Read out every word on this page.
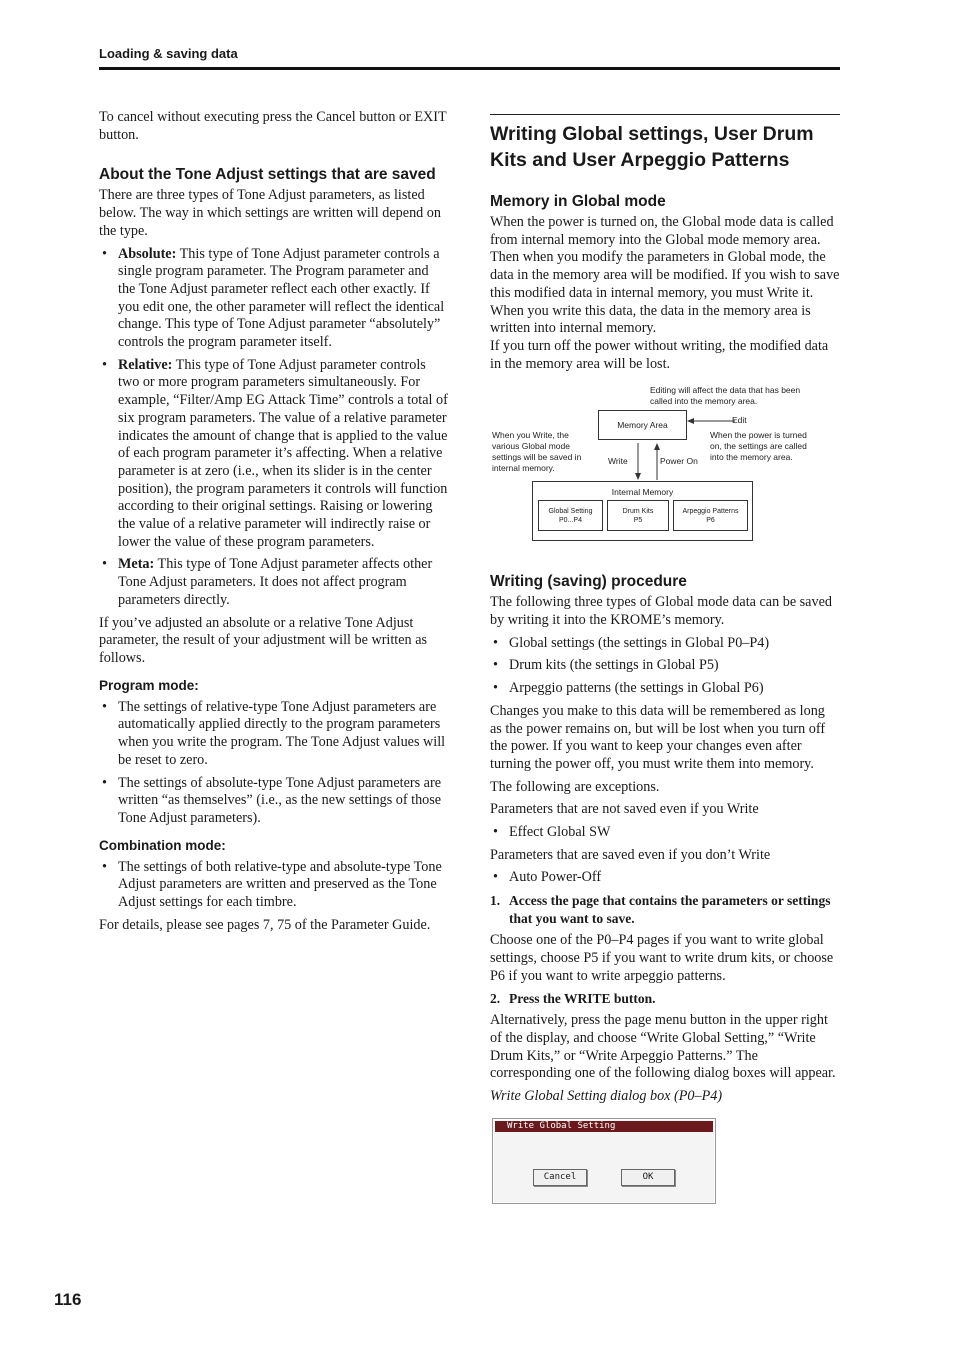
Loading & saving data

To cancel without executing press the Cancel button or EXIT button.

About the Tone Adjust settings that are saved

There are three types of Tone Adjust parameters, as listed below. The way in which settings are written will depend on the type.

• Absolute: This type of Tone Adjust parameter controls a single program parameter. The Program parameter and the Tone Adjust parameter reflect each other exactly. If you edit one, the other parameter will reflect the identical change. This type of Tone Adjust parameter “absolutely” controls the program parameter itself.
• Relative: This type of Tone Adjust parameter controls two or more program parameters simultaneously. For example, “Filter/Amp EG Attack Time” controls a total of six program parameters. The value of a relative parameter indicates the amount of change that is applied to the value of each program parameter it’s affecting. When a relative parameter is at zero (i.e., when its slider is in the center position), the program parameters it controls will function according to their original settings. Raising or lowering the value of a relative parameter will indirectly raise or lower the value of these program parameters.
• Meta: This type of Tone Adjust parameter affects other Tone Adjust parameters. It does not affect program parameters directly.

If you’ve adjusted an absolute or a relative Tone Adjust parameter, the result of your adjustment will be written as follows.

Program mode:
• The settings of relative-type Tone Adjust parameters are automatically applied directly to the program parameters when you write the program. The Tone Adjust values will be reset to zero.
• The settings of absolute-type Tone Adjust parameters are written “as themselves” (i.e., as the new settings of those Tone Adjust parameters).
Combination mode:
• The settings of both relative-type and absolute-type Tone Adjust parameters are written and preserved as the Tone Adjust settings for each timbre.

For details, please see pages 7, 75 of the Parameter Guide.

Writing Global settings, User Drum Kits and User Arpeggio Patterns
Memory in Global mode

When the power is turned on, the Global mode data is called from internal memory into the Global mode memory area. Then when you modify the parameters in Global mode, the data in the memory area will be modified. If you wish to save this modified data in internal memory, you must Write it.

When you write this data, the data in the memory area is written into internal memory.

If you turn off the power without writing, the modified data in the memory area will be lost.

Editing will affect the data that has been called into the memory area.
Edit
Memory Area
When you Write, the various Global mode settings will be saved in internal memory.
When the power is turned on, the settings are called into the memory area.
Write	Power On
Internal Memory
Global Setting
P0...P4
Drum Kits
P5
Arpeggio Patterns
P6
Writing (saving) procedure

The following three types of Global mode data can be saved by writing it into the KROME’s memory.

• Global settings (the settings in Global P0–P4)
• Drum kits (the settings in Global P5)
• Arpeggio patterns (the settings in Global P6)

Changes you make to this data will be remembered as long as the power remains on, but will be lost when you turn off the power. If you want to keep your changes even after turning the power off, you must write them into memory.

The following are exceptions.

Parameters that are not saved even if you Write

• Effect Global SW

Parameters that are saved even if you don’t Write

• Auto Power-Off
1. Access the page that contains the parameters or settings that you want to save.

Choose one of the P0–P4 pages if you want to write global settings, choose P5 if you want to write drum kits, or choose P6 if you want to write arpeggio patterns.

2. Press the WRITE button.

Alternatively, press the page menu button in the upper right of the display, and choose “Write Global Setting,” “Write Drum Kits,” or “Write Arpeggio Patterns.” The corresponding one of the following dialog boxes will appear.

Write Global Setting dialog box (P0–P4)

Write Global Setting
Cancel	OK
116
